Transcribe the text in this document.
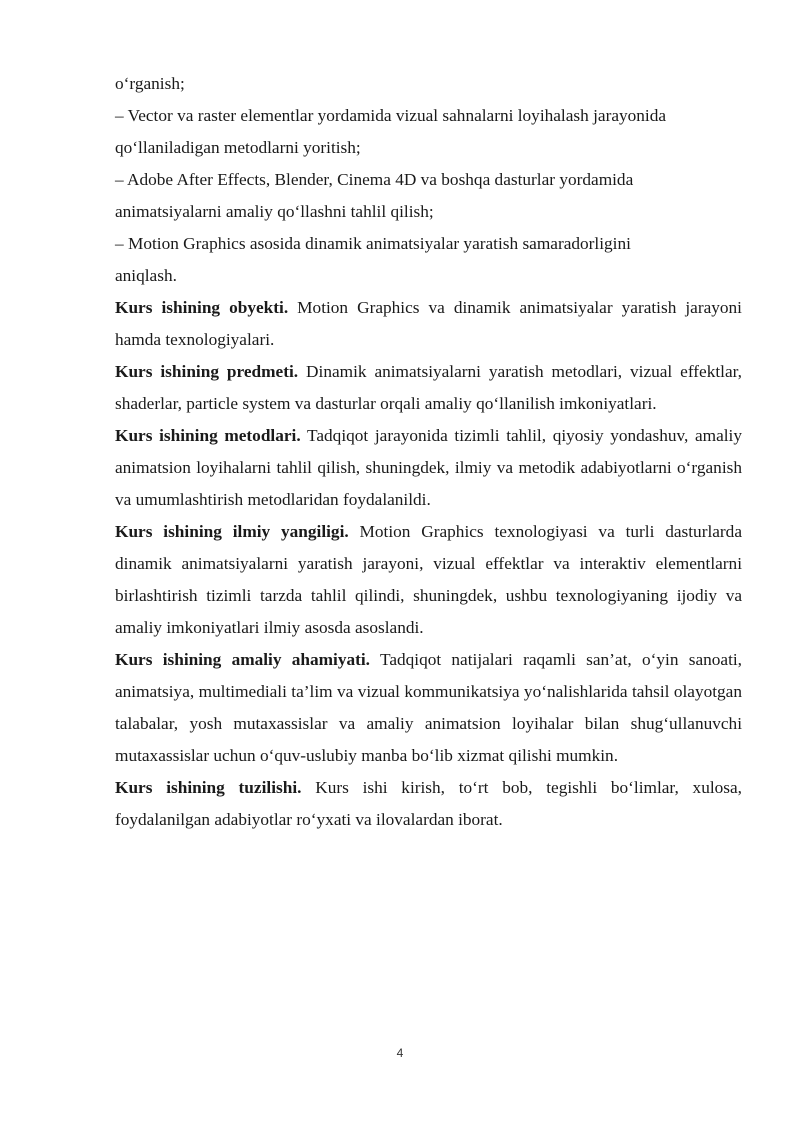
o‘rganish;
– Vector va raster elementlar yordamida vizual sahnalarni loyihalash jarayonida
qo‘llaniladigan metodlarni yoritish;
– Adobe After Effects, Blender, Cinema 4D va boshqa dasturlar yordamida
animatsiyalarni amaliy qo‘llashni tahlil qilish;
– Motion Graphics asosida dinamik animatsiyalar yaratish samaradorligini
aniqlash.

Kurs ishining obyekti. Motion Graphics va dinamik animatsiyalar yaratish jarayoni hamda texnologiyalari.

Kurs ishining predmeti. Dinamik animatsiyalarni yaratish metodlari, vizual effektlar, shaderlar, particle system va dasturlar orqali amaliy qo‘llanilish imkoniyatlari.

Kurs ishining metodlari. Tadqiqot jarayonida tizimli tahlil, qiyosiy yondashuv, amaliy animatsion loyihalarni tahlil qilish, shuningdek, ilmiy va metodik adabiyotlarni o‘rganish va umumlashtirish metodlaridan foydalanildi.

Kurs ishining ilmiy yangiligi. Motion Graphics texnologiyasi va turli dasturlarda dinamik animatsiyalarni yaratish jarayoni, vizual effektlar va interaktiv elementlarni birlashtirish tizimli tarzda tahlil qilindi, shuningdek, ushbu texnologiyaning ijodiy va amaliy imkoniyatlari ilmiy asosda asoslandi.

Kurs ishining amaliy ahamiyati. Tadqiqot natijalari raqamli san’at, o‘yin sanoati, animatsiya, multimediali ta’lim va vizual kommunikatsiya yo‘nalishlarida tahsil olayotgan talabalar, yosh mutaxassislar va amaliy animatsion loyihalar bilan shug‘ullanuvchi mutaxassislar uchun o‘quv-uslubiy manba bo‘lib xizmat qilishi mumkin.

Kurs ishining tuzilishi. Kurs ishi kirish, to‘rt bob, tegishli bo‘limlar, xulosa, foydalanilgan adabiyotlar ro‘yxati va ilovalardan iborat.

4
